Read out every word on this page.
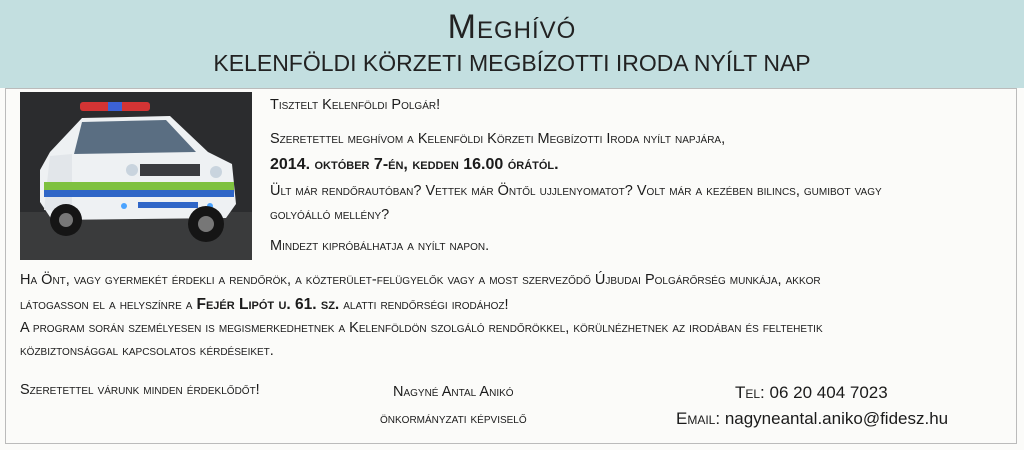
Meghívó
KELENFÖLDI KÖRZETI MEGBÍZOTTI IRODA NYÍLT NAP
Tisztelt Kelenföldi Polgár!
Szeretettel meghívom a Kelenföldi Körzeti Megbízotti Iroda nyílt napjára,
2014. október 7-én, kedden 16.00 órától.
Ült már rendőrautóban? Vettek már Öntől ujjlenyomatot? Volt már a kezében bilincs, gumibot vagy
golyóálló mellény?
Mindezt kipróbálhatja a nyílt napon.
Ha Önt, vagy gyermekét érdekli a rendőrök, a közterület-felügyelők vagy a most szerveződő Újbudai Polgárőrség munkája, akkor
látogasson el a helyszínre a Fejér Lipót u. 61. sz. alatti rendőrségi irodához!
A program során személyesen is megismerkedhetnek a Kelenföldön szolgáló rendőrökkel, körülnézhetnek az irodában és feltehetik
közbiztonsággal kapcsolatos kérdéseiket.
Szeretettel várunk minden érdeklődőt!	Nagyné Antal Anikó
önkormányzati képviselő
Tel: 06 20 404 7023
Email: nagyneantal.aniko@fidesz.hu
